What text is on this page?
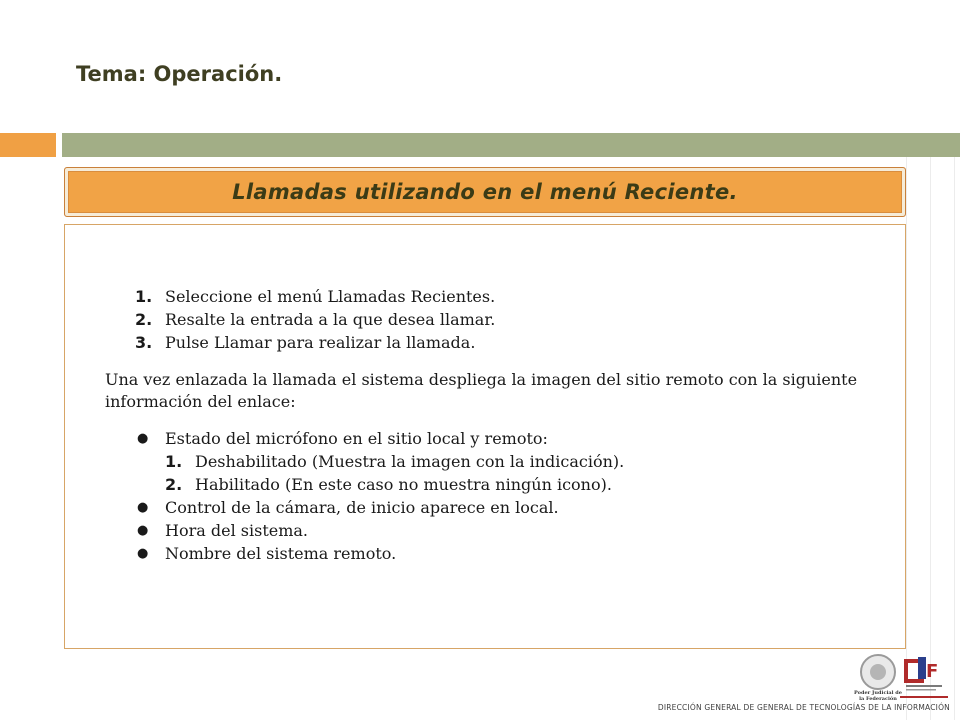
Tema: Operación.
Llamadas utilizando en el menú Reciente.
1. Seleccione el menú Llamadas Recientes.
2. Resalte la entrada a la que desea llamar.
3. Pulse Llamar para realizar la llamada.

Una vez enlazada la llamada el sistema despliega la imagen del sitio remoto con la siguiente información del enlace:

●	Estado del micrófono en el sitio local y remoto:
1. Deshabilitado (Muestra la imagen con la indicación).
2. Habilitado (En este caso no muestra ningún icono).
●	Control de la cámara, de inicio aparece en local.
●	Hora del sistema.
●	Nombre del sistema remoto.
Poder Judicial de la Federación
F
DIRECCIÓN GENERAL DE GENERAL DE TECNOLOGÍAS DE LA INFORMACIÓN
